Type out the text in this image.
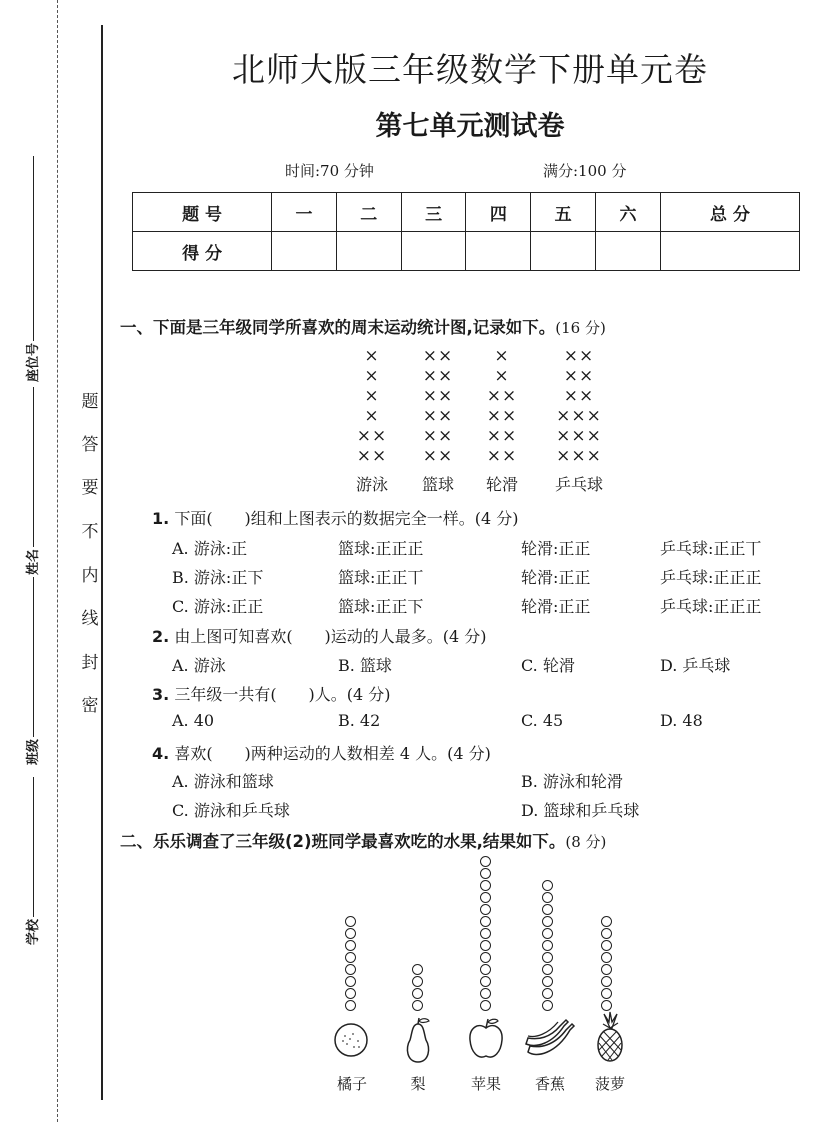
座位号
姓名
班级
学校
题
答
要
不
内
线
封
密
北师大版三年级数学下册单元卷
第七单元测试卷
时间:70 分钟	满分:100 分
题 号	一	二	三	四	五	六	总 分
得 分							
一、下面是三年级同学所喜欢的周末运动统计图,记录如下。(16 分)
×
×
×
×
××
××
××
××
××
××
××
××
×
×
××
××
××
××
××
××
××
×××
×××
×××
游泳	篮球	轮滑	乒乓球
1. 下面(　　)组和上图表示的数据完全一样。(4 分)
A. 游泳:正	篮球:正正正	轮滑:正正	乒乓球:正正丅
B. 游泳:正下	篮球:正正丅	轮滑:正正	乒乓球:正正正
C. 游泳:正正	篮球:正正下	轮滑:正正	乒乓球:正正正
2. 由上图可知喜欢(　　)运动的人最多。(4 分)
A. 游泳	B. 篮球	C. 轮滑	D. 乒乓球
3. 三年级一共有(　　)人。(4 分)
A. 40	B. 42	C. 45	D. 48
4. 喜欢(　　)两种运动的人数相差 4 人。(4 分)
A. 游泳和篮球	B. 游泳和轮滑
C. 游泳和乒乓球	D. 篮球和乒乓球
二、乐乐调查了三年级(2)班同学最喜欢吃的水果,结果如下。(8 分)
橘子	梨	苹果	香蕉	菠萝
